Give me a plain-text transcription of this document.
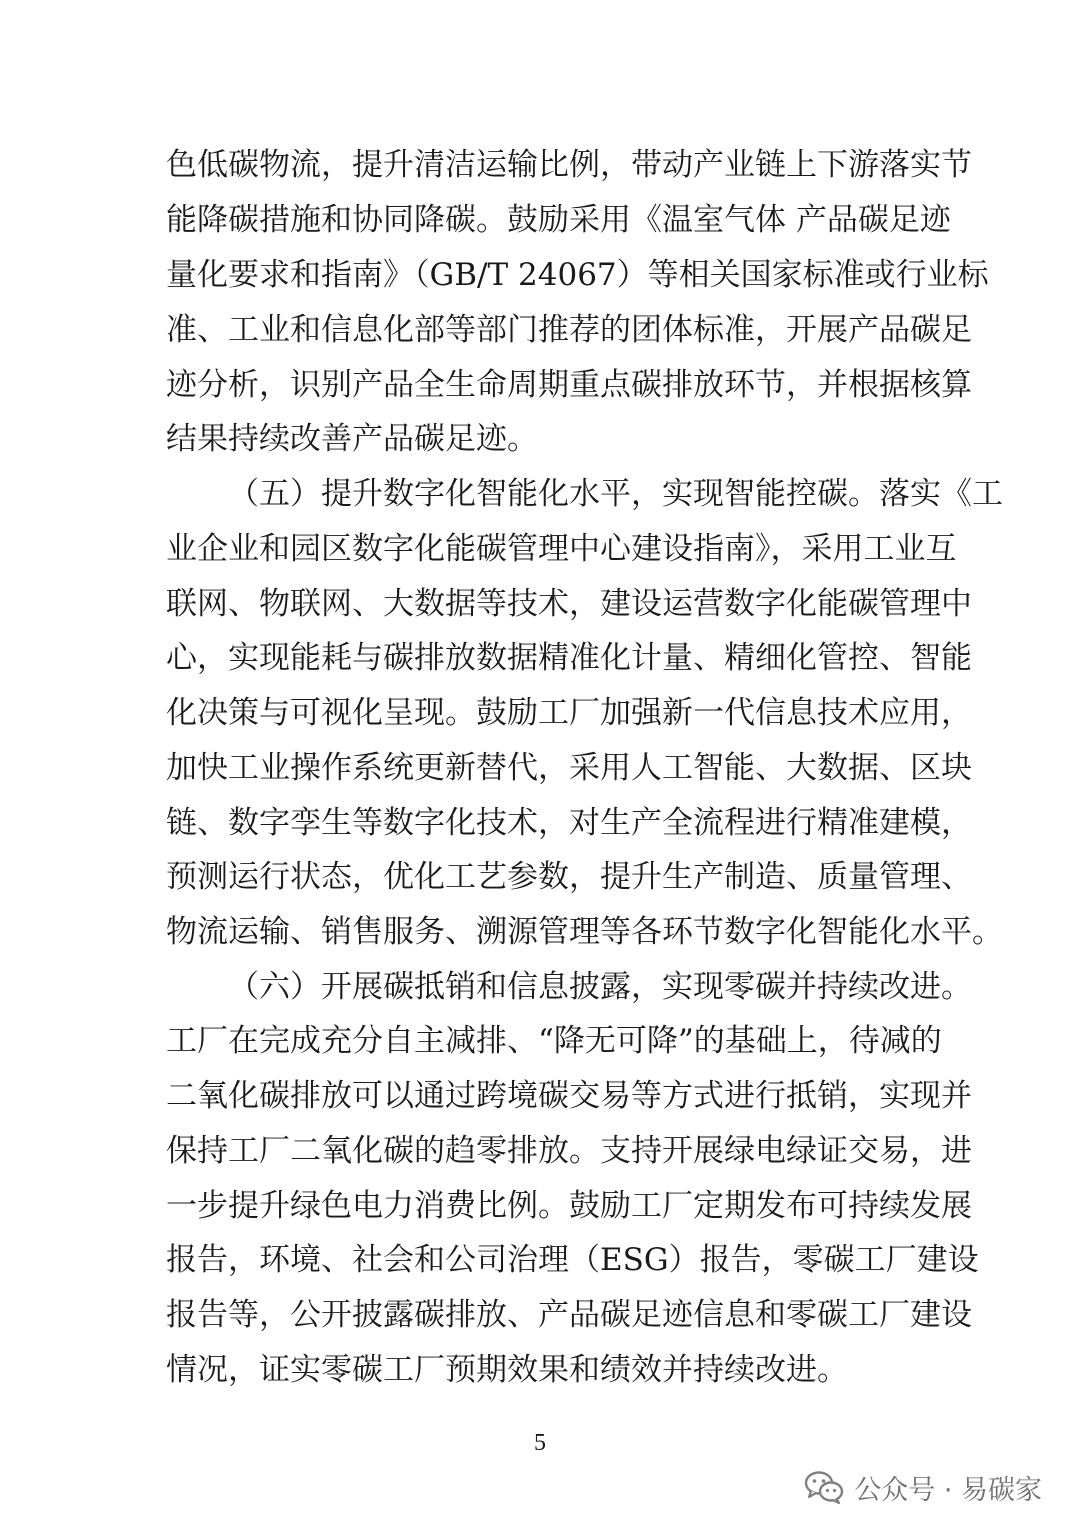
色低碳物流，提升清洁运输比例，带动产业链上下游落实节
能降碳措施和协同降碳。鼓励采用《温室气体 产品碳足迹
量化要求和指南》（GB/T 24067）等相关国家标准或行业标
准、工业和信息化部等部门推荐的团体标准，开展产品碳足
迹分析，识别产品全生命周期重点碳排放环节，并根据核算
结果持续改善产品碳足迹。
（五）提升数字化智能化水平，实现智能控碳。落实《工
业企业和园区数字化能碳管理中心建设指南》，采用工业互
联网、物联网、大数据等技术，建设运营数字化能碳管理中
心，实现能耗与碳排放数据精准化计量、精细化管控、智能
化决策与可视化呈现。鼓励工厂加强新一代信息技术应用，
加快工业操作系统更新替代，采用人工智能、大数据、区块
链、数字孪生等数字化技术，对生产全流程进行精准建模，
预测运行状态，优化工艺参数，提升生产制造、质量管理、
物流运输、销售服务、溯源管理等各环节数字化智能化水平。
（六）开展碳抵销和信息披露，实现零碳并持续改进。
工厂在完成充分自主减排、“降无可降”的基础上，待减的
二氧化碳排放可以通过跨境碳交易等方式进行抵销，实现并
保持工厂二氧化碳的趋零排放。支持开展绿电绿证交易，进
一步提升绿色电力消费比例。鼓励工厂定期发布可持续发展
报告，环境、社会和公司治理（ESG）报告，零碳工厂建设
报告等，公开披露碳排放、产品碳足迹信息和零碳工厂建设
情况，证实零碳工厂预期效果和绩效并持续改进。
5
公众号 · 易碳家
